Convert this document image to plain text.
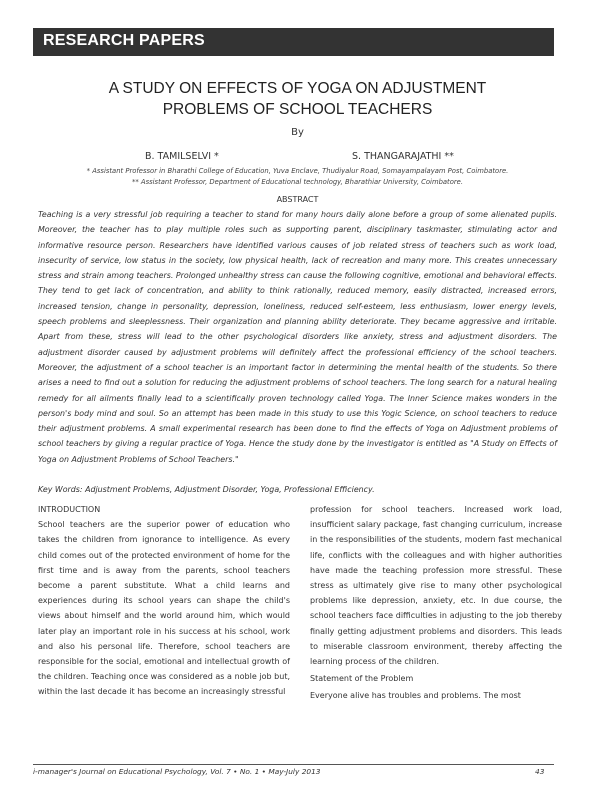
RESEARCH PAPERS
A STUDY ON EFFECTS OF YOGA ON ADJUSTMENT
PROBLEMS OF SCHOOL TEACHERS
By
B. TAMILSELVI *	S. THANGARAJATHI **
* Assistant Professor in Bharathi College of Education, Yuva Enclave, Thudiyalur Road, Somayampalayam Post, Coimbatore.
** Assistant Professor, Department of Educational technology, Bharathiar University, Coimbatore.
ABSTRACT

Teaching is a very stressful job requiring a teacher to stand for many hours daily alone before a group of some alienated pupils. Moreover, the teacher has to play multiple roles such as supporting parent, disciplinary taskmaster, stimulating actor and informative resource person. Researchers have identified various causes of job related stress of teachers such as work load, insecurity of service, low status in the society, low physical health, lack of recreation and many more. This creates unnecessary stress and strain among teachers. Prolonged unhealthy stress can cause the following cognitive, emotional and behavioral effects. They tend to get lack of concentration, and ability to think rationally, reduced memory, easily distracted, increased errors, increased tension, change in personality, depression, loneliness, reduced self-esteem, less enthusiasm, lower energy levels, speech problems and sleeplessness. Their organization and planning ability deteriorate. They became aggressive and irritable. Apart from these, stress will lead to the other psychological disorders like anxiety, stress and adjustment disorders. The adjustment disorder caused by adjustment problems will definitely affect the professional efficiency of the school teachers. Moreover, the adjustment of a school teacher is an important factor in determining the mental health of the students. So there arises a need to find out a solution for reducing the adjustment problems of school teachers. The long search for a natural healing remedy for all ailments finally lead to a scientifically proven technology called Yoga. The Inner Science makes wonders in the person's body mind and soul. So an attempt has been made in this study to use this Yogic Science, on school teachers to reduce their adjustment problems. A small experimental research has been done to find the effects of Yoga on Adjustment problems of school teachers by giving a regular practice of Yoga. Hence the study done by the investigator is entitled as "A Study on Effects of Yoga on Adjustment Problems of School Teachers."

Key Words: Adjustment Problems, Adjustment Disorder, Yoga, Professional Efficiency.

INTRODUCTION

School teachers are the superior power of education who takes the children from ignorance to intelligence. As every child comes out of the protected environment of home for the first time and is away from the parents, school teachers become a parent substitute. What a child learns and experiences during its school years can shape the child's views about himself and the world around him, which would later play an important role in his success at his school, work and also his personal life. Therefore, school teachers are responsible for the social, emotional and intellectual growth of the children. Teaching once was considered as a noble job but, within the last decade it has become an increasingly stressful

profession for school teachers. Increased work load, insufficient salary package, fast changing curriculum, increase in the responsibilities of the students, modern fast mechanical life, conflicts with the colleagues and with higher authorities have made the teaching profession more stressful. These stress as ultimately give rise to many other psychological problems like depression, anxiety, etc. In due course, the school teachers face difficulties in adjusting to the job thereby finally getting adjustment problems and disorders. This leads to miserable classroom environment, thereby affecting the learning process of the children.

Statement of the Problem

Everyone alive has troubles and problems. The most

i-manager's Journal on Educational Psychology, Vol. 7 • No. 1 • May-July 2013	43
